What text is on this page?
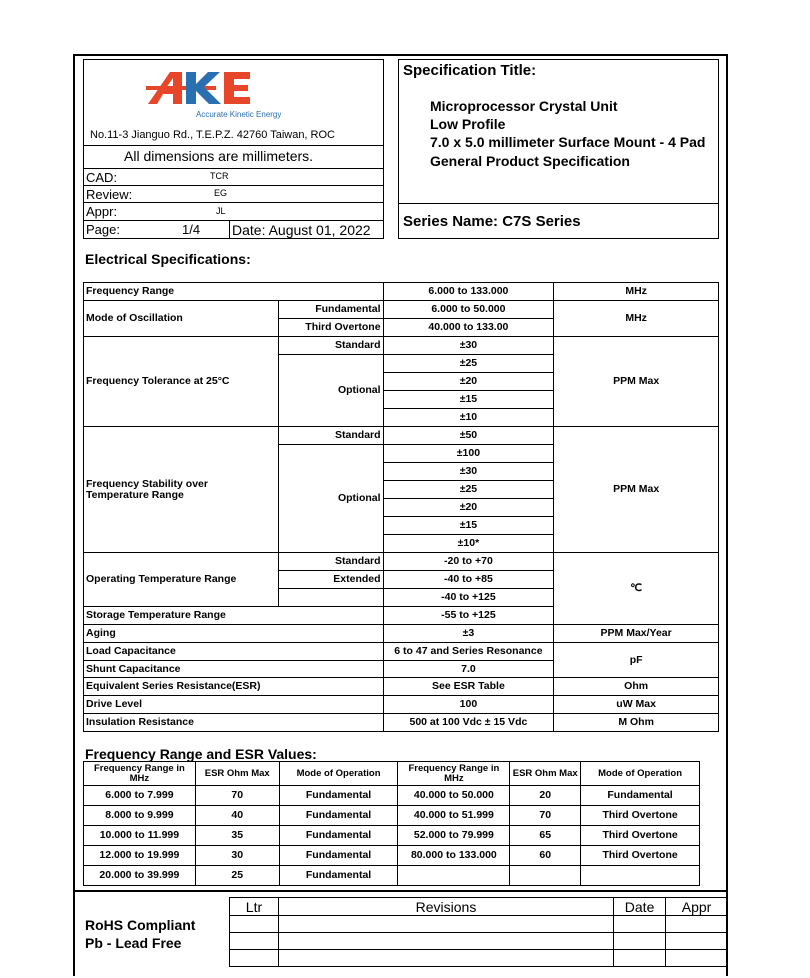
Accurate Kinetic Energy
No.11-3 Jianguo Rd., T.E.P.Z. 42760 Taiwan, ROC
All dimensions are millimeters.
CAD:	TCR
Review:	EG
Appr:	JL
Page:	1/4 Date: August 01, 2022
Specification Title:
Microprocessor Crystal Unit
Low Profile
7.0 x 5.0 millimeter Surface Mount - 4 Pad
General Product Specification
Series Name: C7S Series
Electrical Specifications:
Frequency Range		6.000 to 133.000	MHz
Mode of Oscillation	Fundamental	6.000 to 50.000	MHz
	Third Overtone	40.000 to 133.00	
Frequency Tolerance at 25°C	Standard	±30	PPM Max
	Optional	±25	
		±20	
		±15	
		±10	
Frequency Stability over
Temperature Range	Standard	±50	PPM Max
	Optional	±100	
		±30	
		±25	
		±20	
		±15	
		±10*	
Operating Temperature Range	Standard	-20 to +70	℃
	Extended	-40 to +85	
		-40 to +125	
Storage Temperature Range		-55 to +125	
Aging		±3	PPM Max/Year
Load Capacitance		6 to 47 and Series Resonance	pF
Shunt Capacitance		7.0	
Equivalent Series Resistance(ESR)		See ESR Table	Ohm
Drive Level		100	uW Max
Insulation Resistance		500 at 100 Vdc ± 15 Vdc	M Ohm
Frequency Range and ESR Values:
Frequency Range in MHz	ESR Ohm Max	Mode of Operation	Frequency Range in MHz	ESR Ohm Max	Mode of Operation
6.000 to 7.999	70	Fundamental	40.000 to 50.000	20	Fundamental
8.000 to 9.999	40	Fundamental	40.000 to 51.999	70	Third Overtone
10.000 to 11.999	35	Fundamental	52.000 to 79.999	65	Third Overtone
12.000 to 19.999	30	Fundamental	80.000 to 133.000	60	Third Overtone
20.000 to 39.999	25	Fundamental			
RoHS Compliant
Pb - Lead Free
Ltr	Revisions	Date	Appr
